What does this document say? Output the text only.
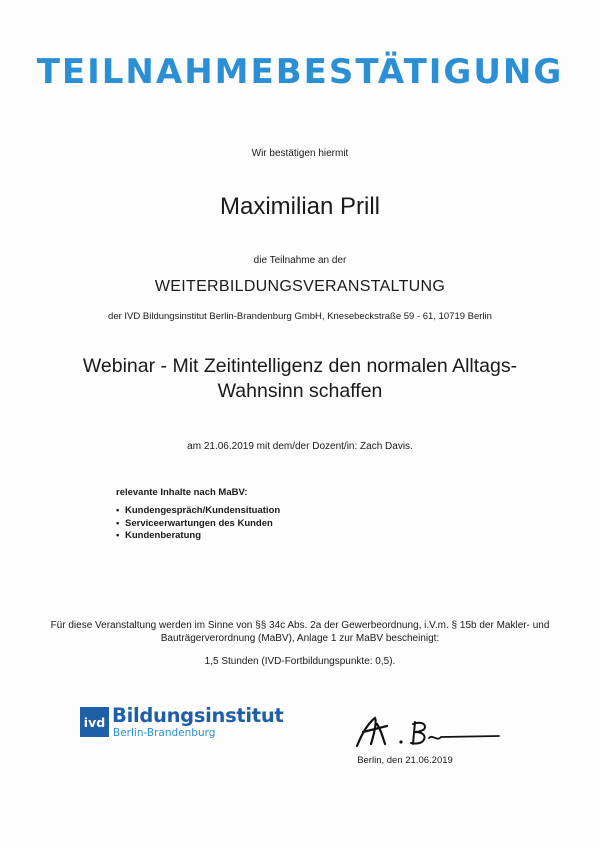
TEILNAHMEBESTÄTIGUNG
Wir bestätigen hiermit
Maximilian Prill
die Teilnahme an der
WEITERBILDUNGSVERANSTALTUNG
der IVD Bildungsinstitut Berlin-Brandenburg GmbH, Knesebeckstraße 59 - 61, 10719 Berlin
Webinar - Mit Zeitintelligenz den normalen Alltags-
Wahnsinn schaffen
am 21.06.2019 mit dem/der Dozent/in: Zach Davis.
relevante Inhalte nach MaBV:
• Kundengespräch/Kundensituation
• Serviceerwartungen des Kunden
• Kundenberatung
Für diese Veranstaltung werden im Sinne von §§ 34c Abs. 2a der Gewerbeordnung, i.V.m. § 15b der Makler- und
Bauträgerverordnung (MaBV), Anlage 1 zur MaBV bescheinigt:
1,5 Stunden (IVD-Fortbildungspunkte: 0,5).
ivd Bildungsinstitut
Berlin-Brandenburg
Berlin, den 21.06.2019
